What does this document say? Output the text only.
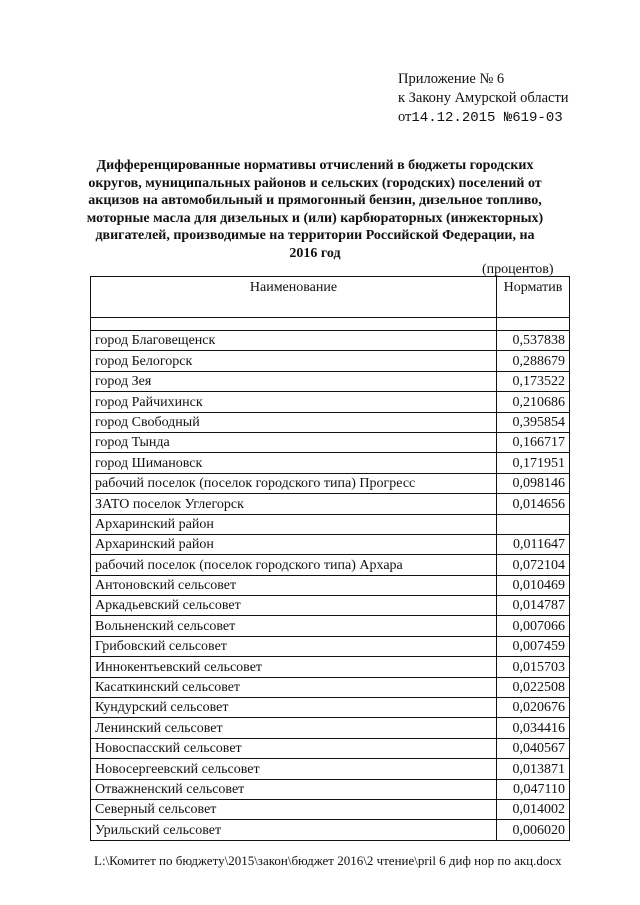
Приложение № 6
к Закону Амурской области
от14.12.2015 №619-03
Дифференцированные нормативы отчислений в бюджеты городских округов, муниципальных районов и сельских (городских) поселений от акцизов на автомобильный и прямогонный бензин, дизельное топливо, моторные масла для дизельных и (или) карбюраторных (инжекторных) двигателей, производимые на территории Российской Федерации, на 2016 год
(процентов)
Наименование	Норматив

город Благовещенск	0,537838
город Белогорск	0,288679
город Зея	0,173522
город Райчихинск	0,210686
город Свободный	0,395854
город Тында	0,166717
город Шимановск	0,171951
рабочий поселок (поселок городского типа) Прогресс	0,098146
ЗАТО поселок Углегорск	0,014656
Архаринский район	
Архаринский район	0,011647
рабочий поселок (поселок городского типа) Архара	0,072104
Антоновский сельсовет	0,010469
Аркадьевский сельсовет	0,014787
Вольненский сельсовет	0,007066
Грибовский сельсовет	0,007459
Иннокентьевский сельсовет	0,015703
Касаткинский сельсовет	0,022508
Кундурский сельсовет	0,020676
Ленинский сельсовет	0,034416
Новоспасский сельсовет	0,040567
Новосергеевский сельсовет	0,013871
Отважненский сельсовет	0,047110
Северный сельсовет	0,014002
Урильский сельсовет	0,006020
L:\Комитет по бюджету\2015\закон\бюджет 2016\2 чтение\pril 6 диф нор по акц.docx
